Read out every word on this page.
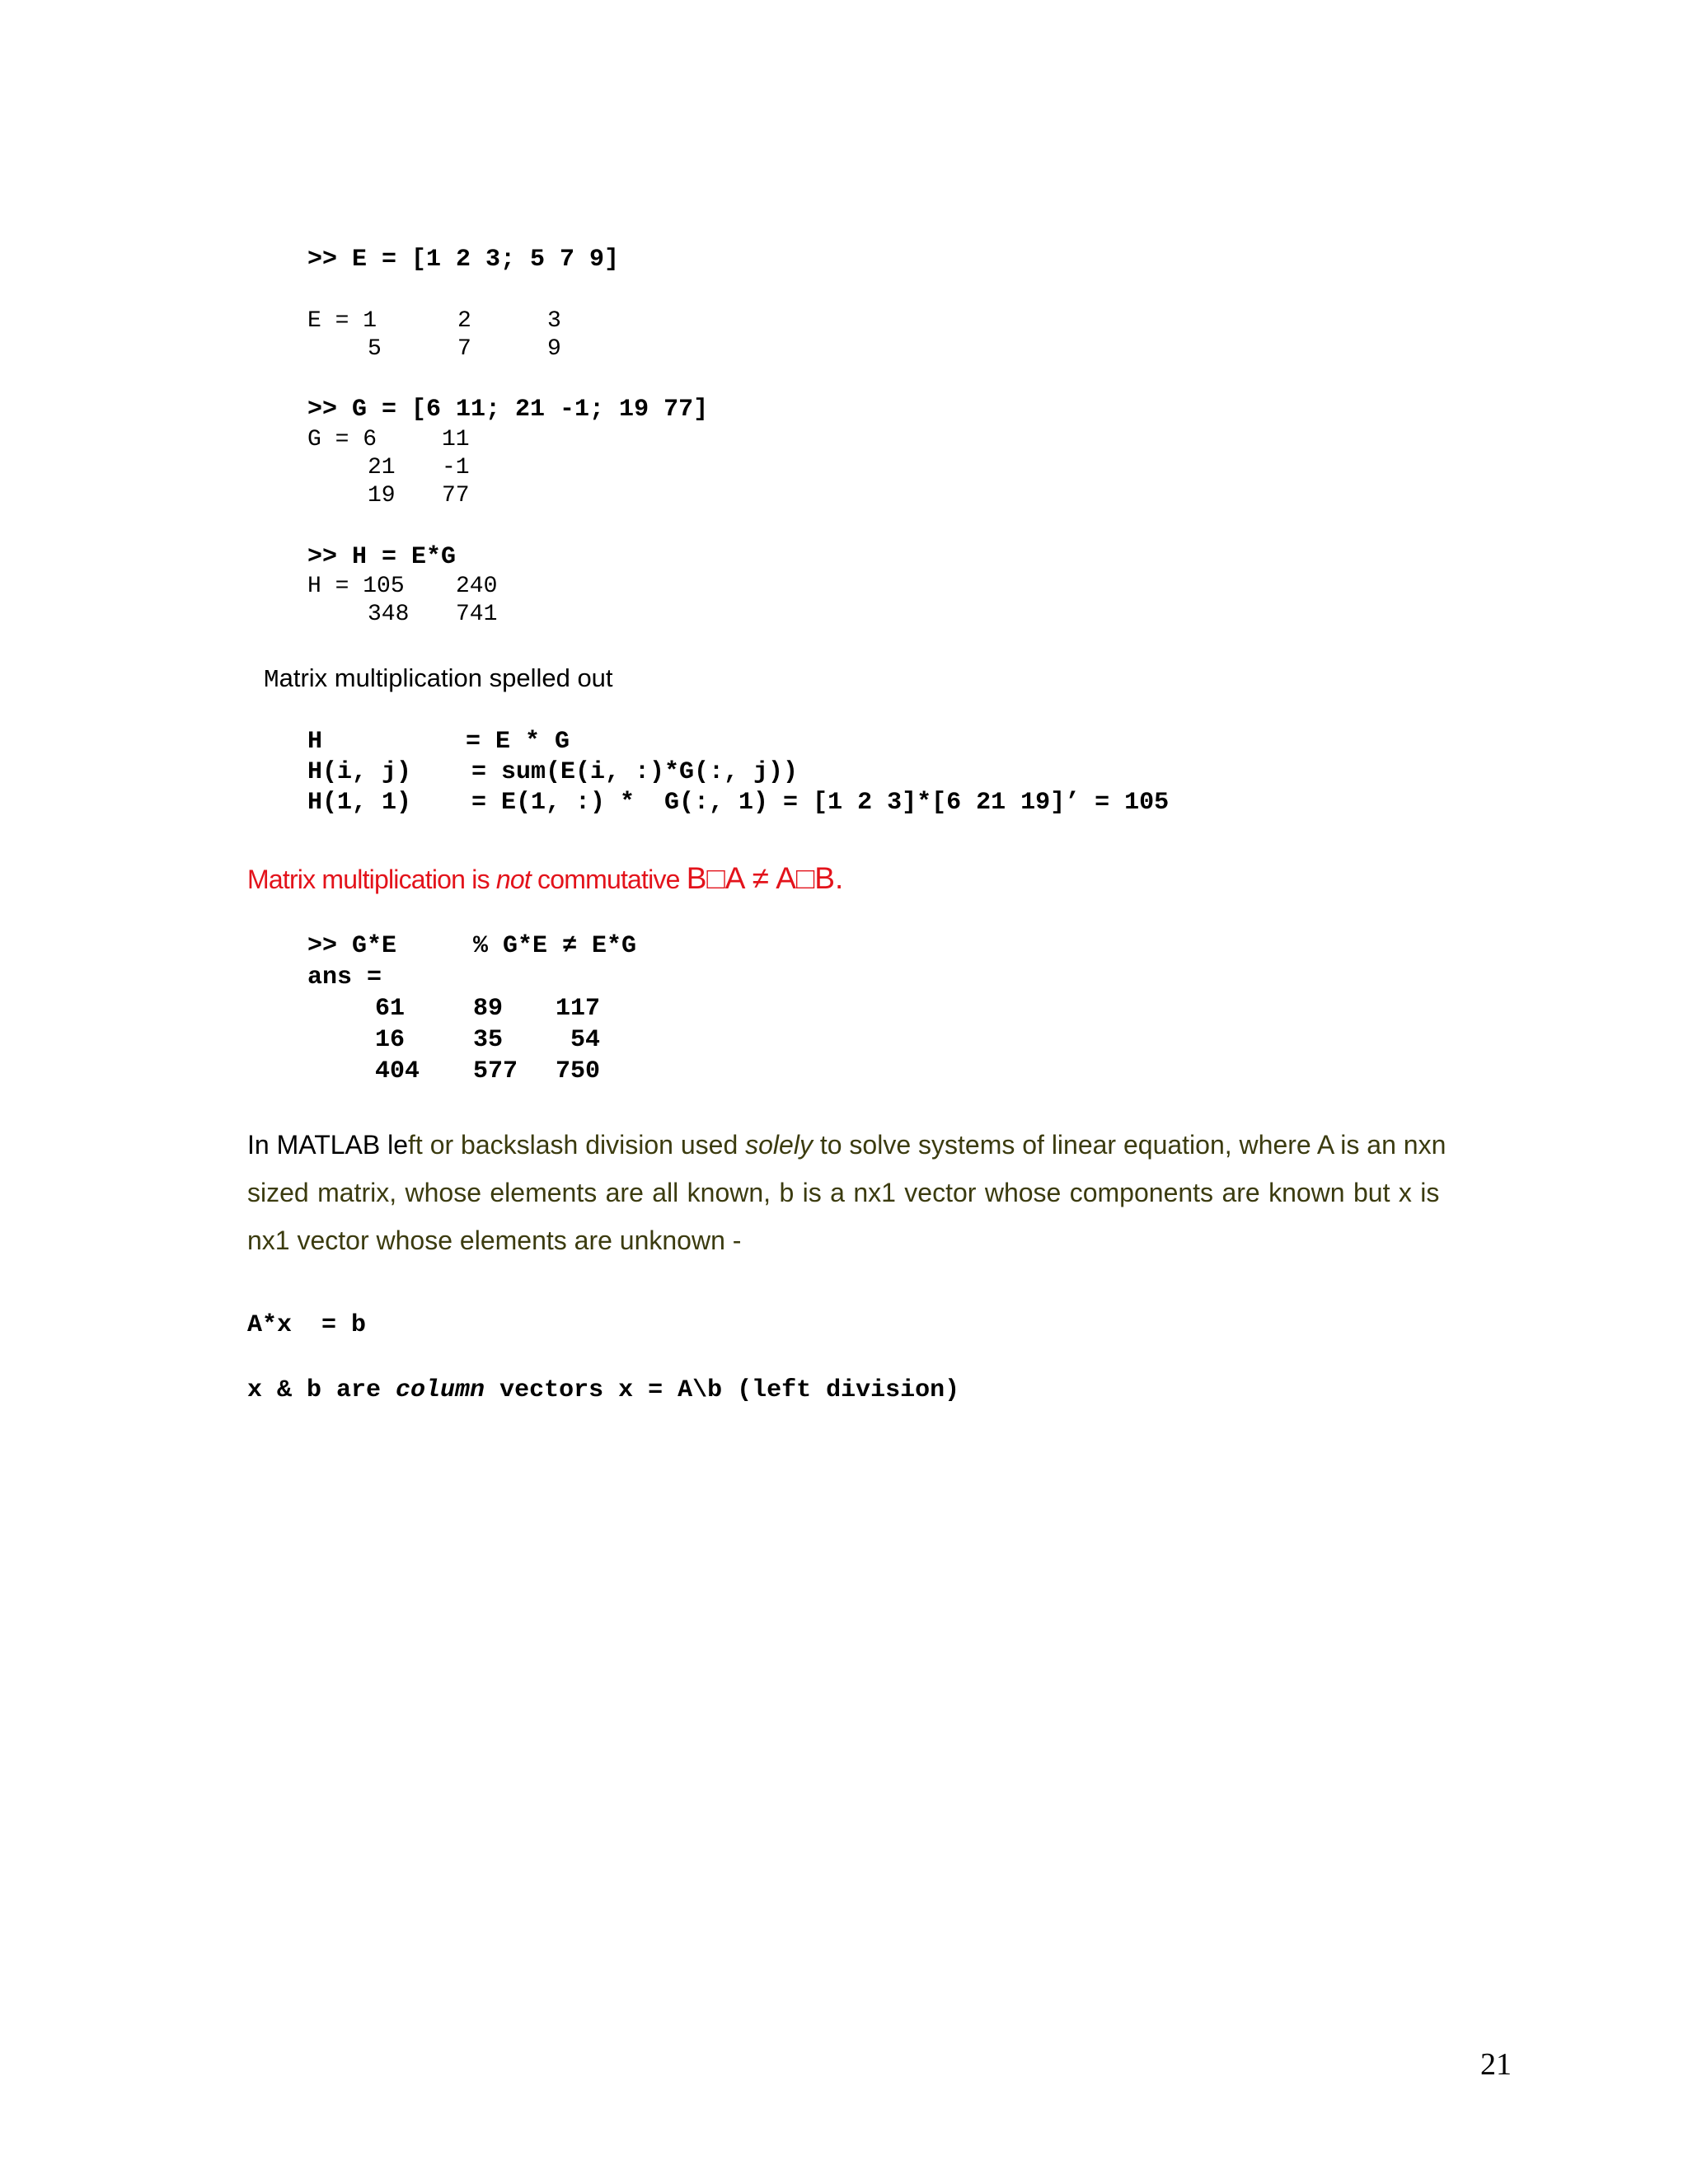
>> E = [1 2 3; 5 7 9]
E = 1	2	3
5	7	9
>> G = [6 11; 21 -1; 19 77]
G = 6	11
21 -1
19 77
>> H = E*G
H = 105 240
348 741
Matrix multiplication spelled out
H	= E * G
H(i, j) = sum(E(i, :)*G(:, j))
H(1, 1) = E(1, :) *  G(:, 1) = [1 2 3]*[6 21 19]’ = 105
Matrix multiplication is not commutative B□A ≠ A□B.
>> G*E	% G*E ≠ E*G
ans =
61	89 117
16	35	54
404 577 750
In MATLAB left or backslash division used solely to solve systems of linear equation, where A is an nxn
sized matrix, whose elements are all known, b is a nx1 vector whose components are known but x is
nx1 vector whose elements are unknown -
A*x  = b
x & b are column vectors x = A\b (left division)
21
